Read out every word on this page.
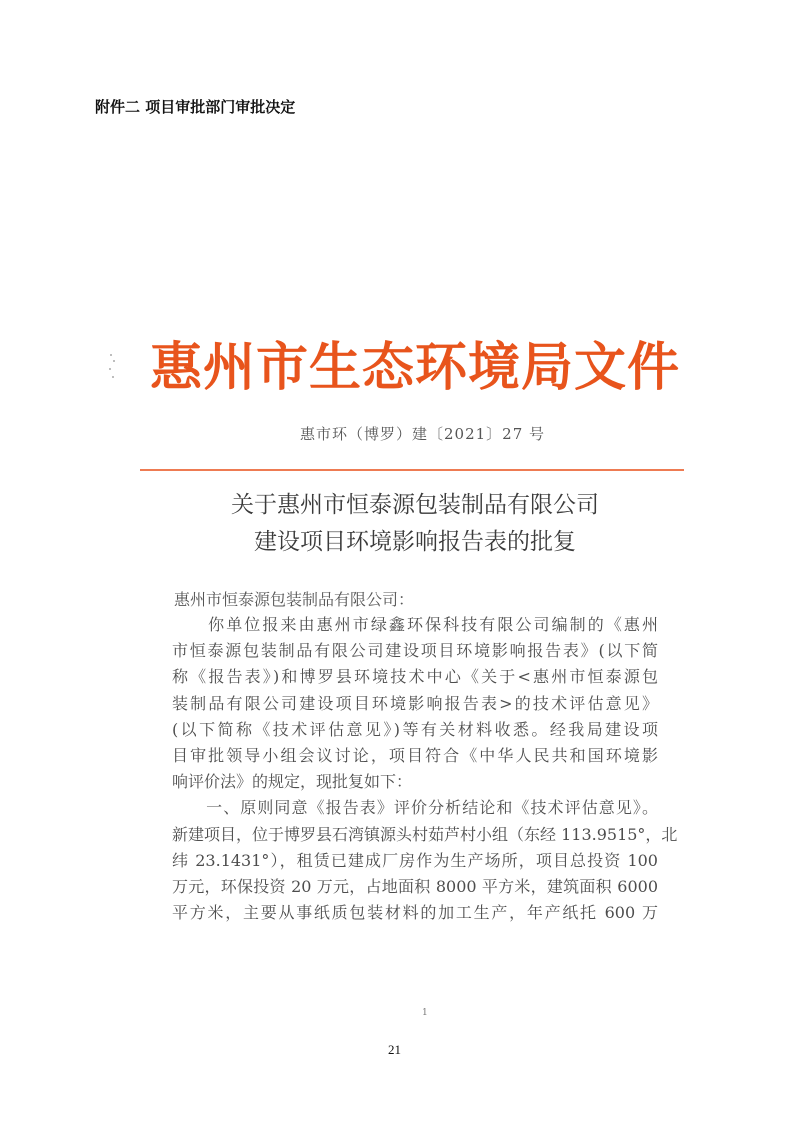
附件二 项目审批部门审批决定
惠州市生态环境局文件
惠市环（博罗）建〔2021〕27 号
关于惠州市恒泰源包装制品有限公司
建设项目环境影响报告表的批复
惠州市恒泰源包装制品有限公司：
　　你单位报来由惠州市绿鑫环保科技有限公司编制的《惠州
市恒泰源包装制品有限公司建设项目环境影响报告表》(以下简
称《报告表》)和博罗县环境技术中心《关于<惠州市恒泰源包
装制品有限公司建设项目环境影响报告表>的技术评估意见》
(以下简称《技术评估意见》)等有关材料收悉。经我局建设项
目审批领导小组会议讨论，项目符合《中华人民共和国环境影
响评价法》的规定，现批复如下：
　　一、原则同意《报告表》评价分析结论和《技术评估意见》。
新建项目，位于博罗县石湾镇源头村茹芦村小组（东经 113.9515°，北
纬 23.1431°），租赁已建成厂房作为生产场所，项目总投资 100
万元，环保投资 20 万元，占地面积 8000 平方米，建筑面积 6000
平方米，主要从事纸质包装材料的加工生产，年产纸托 600 万
1
21
